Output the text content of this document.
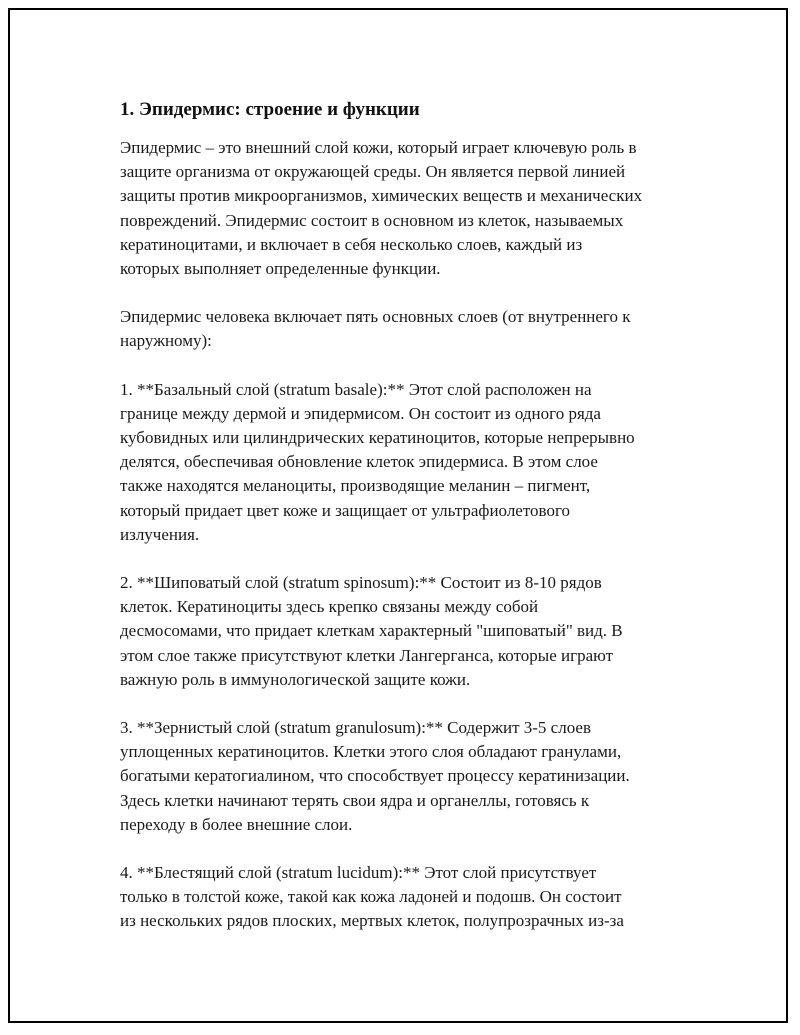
1. Эпидермис: строение и функции

Эпидермис – это внешний слой кожи, который играет ключевую роль в
защите организма от окружающей среды. Он является первой линией
защиты против микроорганизмов, химических веществ и механических
повреждений. Эпидермис состоит в основном из клеток, называемых
кератиноцитами, и включает в себя несколько слоев, каждый из
которых выполняет определенные функции.

Эпидермис человека включает пять основных слоев (от внутреннего к
наружному):

1. **Базальный слой (stratum basale):** Этот слой расположен на
границе между дермой и эпидермисом. Он состоит из одного ряда
кубовидных или цилиндрических кератиноцитов, которые непрерывно
делятся, обеспечивая обновление клеток эпидермиса. В этом слое
также находятся меланоциты, производящие меланин – пигмент,
который придает цвет коже и защищает от ультрафиолетового
излучения.

2. **Шиповатый слой (stratum spinosum):** Состоит из 8-10 рядов
клеток. Кератиноциты здесь крепко связаны между собой
десмосомами, что придает клеткам характерный "шиповатый" вид. В
этом слое также присутствуют клетки Лангерганса, которые играют
важную роль в иммунологической защите кожи.

3. **Зернистый слой (stratum granulosum):** Содержит 3-5 слоев
уплощенных кератиноцитов. Клетки этого слоя обладают гранулами,
богатыми кератогиалином, что способствует процессу кератинизации.
Здесь клетки начинают терять свои ядра и органеллы, готовясь к
переходу в более внешние слои.

4. **Блестящий слой (stratum lucidum):** Этот слой присутствует
только в толстой коже, такой как кожа ладоней и подошв. Он состоит
из нескольких рядов плоских, мертвых клеток, полупрозрачных из-за
